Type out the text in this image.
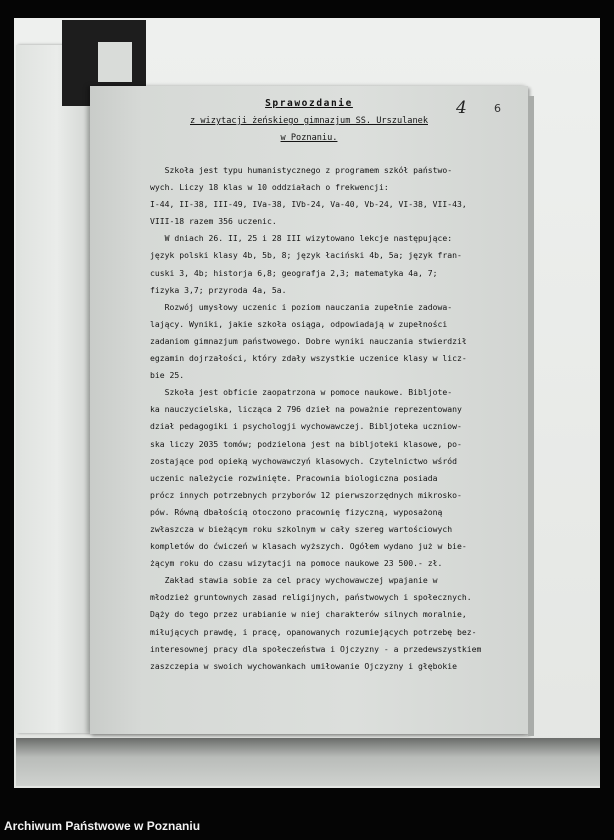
4 6
Sprawozdanie
z wizytacji żeńskiego gimnazjum SS. Urszulanek
w Poznaniu.
Szkoła jest typu humanistycznego z programem szkół państwo-
wych. Liczy 18 klas w 10 oddziałach o frekwencji:
I-44, II-38, III-49, IVa-38, IVb-24, Va-40, Vb-24, VI-38, VII-43,
VIII-18 razem 356 uczenic.
W dniach 26. II, 25 i 28 III wizytowano lekcje następujące:
język polski klasy 4b, 5b, 8; język łaciński 4b, 5a; język fran-
cuski 3, 4b; historja 6,8; geografja 2,3; matematyka 4a, 7;
fizyka 3,7; przyroda 4a, 5a.
Rozwój umysłowy uczenic i poziom nauczania zupełnie zadowa-
lający. Wyniki, jakie szkoła osiąga, odpowiadają w zupełności
zadaniom gimnazjum państwowego. Dobre wyniki nauczania stwierdził
egzamin dojrzałości, który zdały wszystkie uczenice klasy w licz-
bie 25.
Szkoła jest obficie zaopatrzona w pomoce naukowe. Bibljote-
ka nauczycielska, licząca 2 796 dzieł na poważnie reprezentowany
dział pedagogiki i psychologji wychowawczej. Bibljoteka uczniow-
ska liczy 2035 tomów; podzielona jest na bibljoteki klasowe, po-
zostające pod opieką wychowawczyń klasowych. Czytelnictwo wśród
uczenic należycie rozwinięte. Pracownia biologiczna posiada
prócz innych potrzebnych przyborów 12 pierwszorzędnych mikrosko-
pów. Równą dbałością otoczono pracownię fizyczną, wyposażoną
zwłaszcza w bieżącym roku szkolnym w cały szereg wartościowych
kompletów do ćwiczeń w klasach wyższych. Ogółem wydano już w bie-
żącym roku do czasu wizytacji na pomoce naukowe 23 500.- zł.
Zakład stawia sobie za cel pracy wychowawczej wpajanie w
młodzież gruntownych zasad religijnych, państwowych i społecznych.
Dąży do tego przez urabianie w niej charakterów silnych moralnie,
miłujących prawdę, i pracę, opanowanych rozumiejących potrzebę bez-
interesownej pracy dla społeczeństwa i Ojczyzny - a przedewszystkiem
zaszczepia w swoich wychowankach umiłowanie Ojczyzny i głębokie
Archiwum Państwowe w Poznaniu
